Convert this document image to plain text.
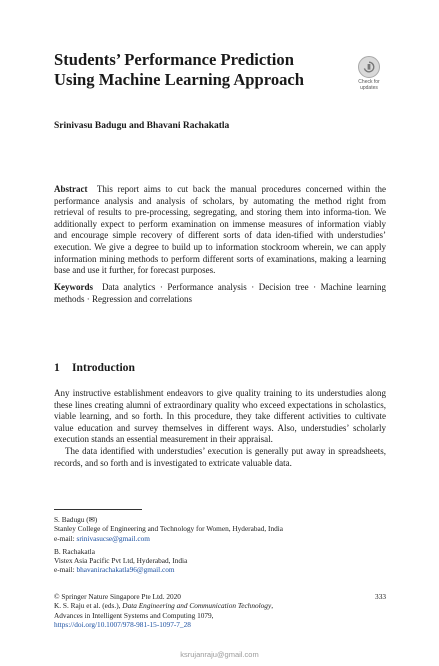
Students’ Performance Prediction
Using Machine Learning Approach	Check for
updates

Srinivasu Badugu and Bhavani Rachakatla

Abstract This report aims to cut back the manual procedures concerned within the performance analysis and analysis of scholars, by automating the method right from retrieval of results to pre-processing, segregating, and storing them into informa-tion. We additionally expect to perform examination on immense measures of information viably and encourage simple recovery of different sorts of data iden-tified with understudies’ execution. We give a degree to build up to information stockroom wherein, we can apply information mining methods to perform different sorts of examinations, making a learning base and use it further, for forecast purposes.

Keywords Data analytics · Performance analysis · Decision tree · Machine learning methods · Regression and correlations

1 Introduction

Any instructive establishment endeavors to give quality training to its understudies along these lines creating alumni of extraordinary quality who exceed expectations in scholastics, viable learning, and so forth. In this procedure, they take different activities to cultivate value education and survey themselves in different ways. Also, understudies’ scholarly execution stands an essential measurement in their appraisal.

The data identified with understudies’ execution is generally put away in spreadsheets, records, and so forth and is investigated to extricate valuable data.

S. Badugu (✉)
Stanley College of Engineering and Technology for Women, Hyderabad, India
e-mail: srinivasucse@gmail.com
B. Rachakatla
Vistex Asia Pacific Pvt Ltd, Hyderabad, India
e-mail: bhavanirachakatla96@gmail.com
© Springer Nature Singapore Pte Ltd. 2020
K. S. Raju et al. (eds.), Data Engineering and Communication Technology,
Advances in Intelligent Systems and Computing 1079,
https://doi.org/10.1007/978-981-15-1097-7_28

333

ksrujanraju@gmail.com
